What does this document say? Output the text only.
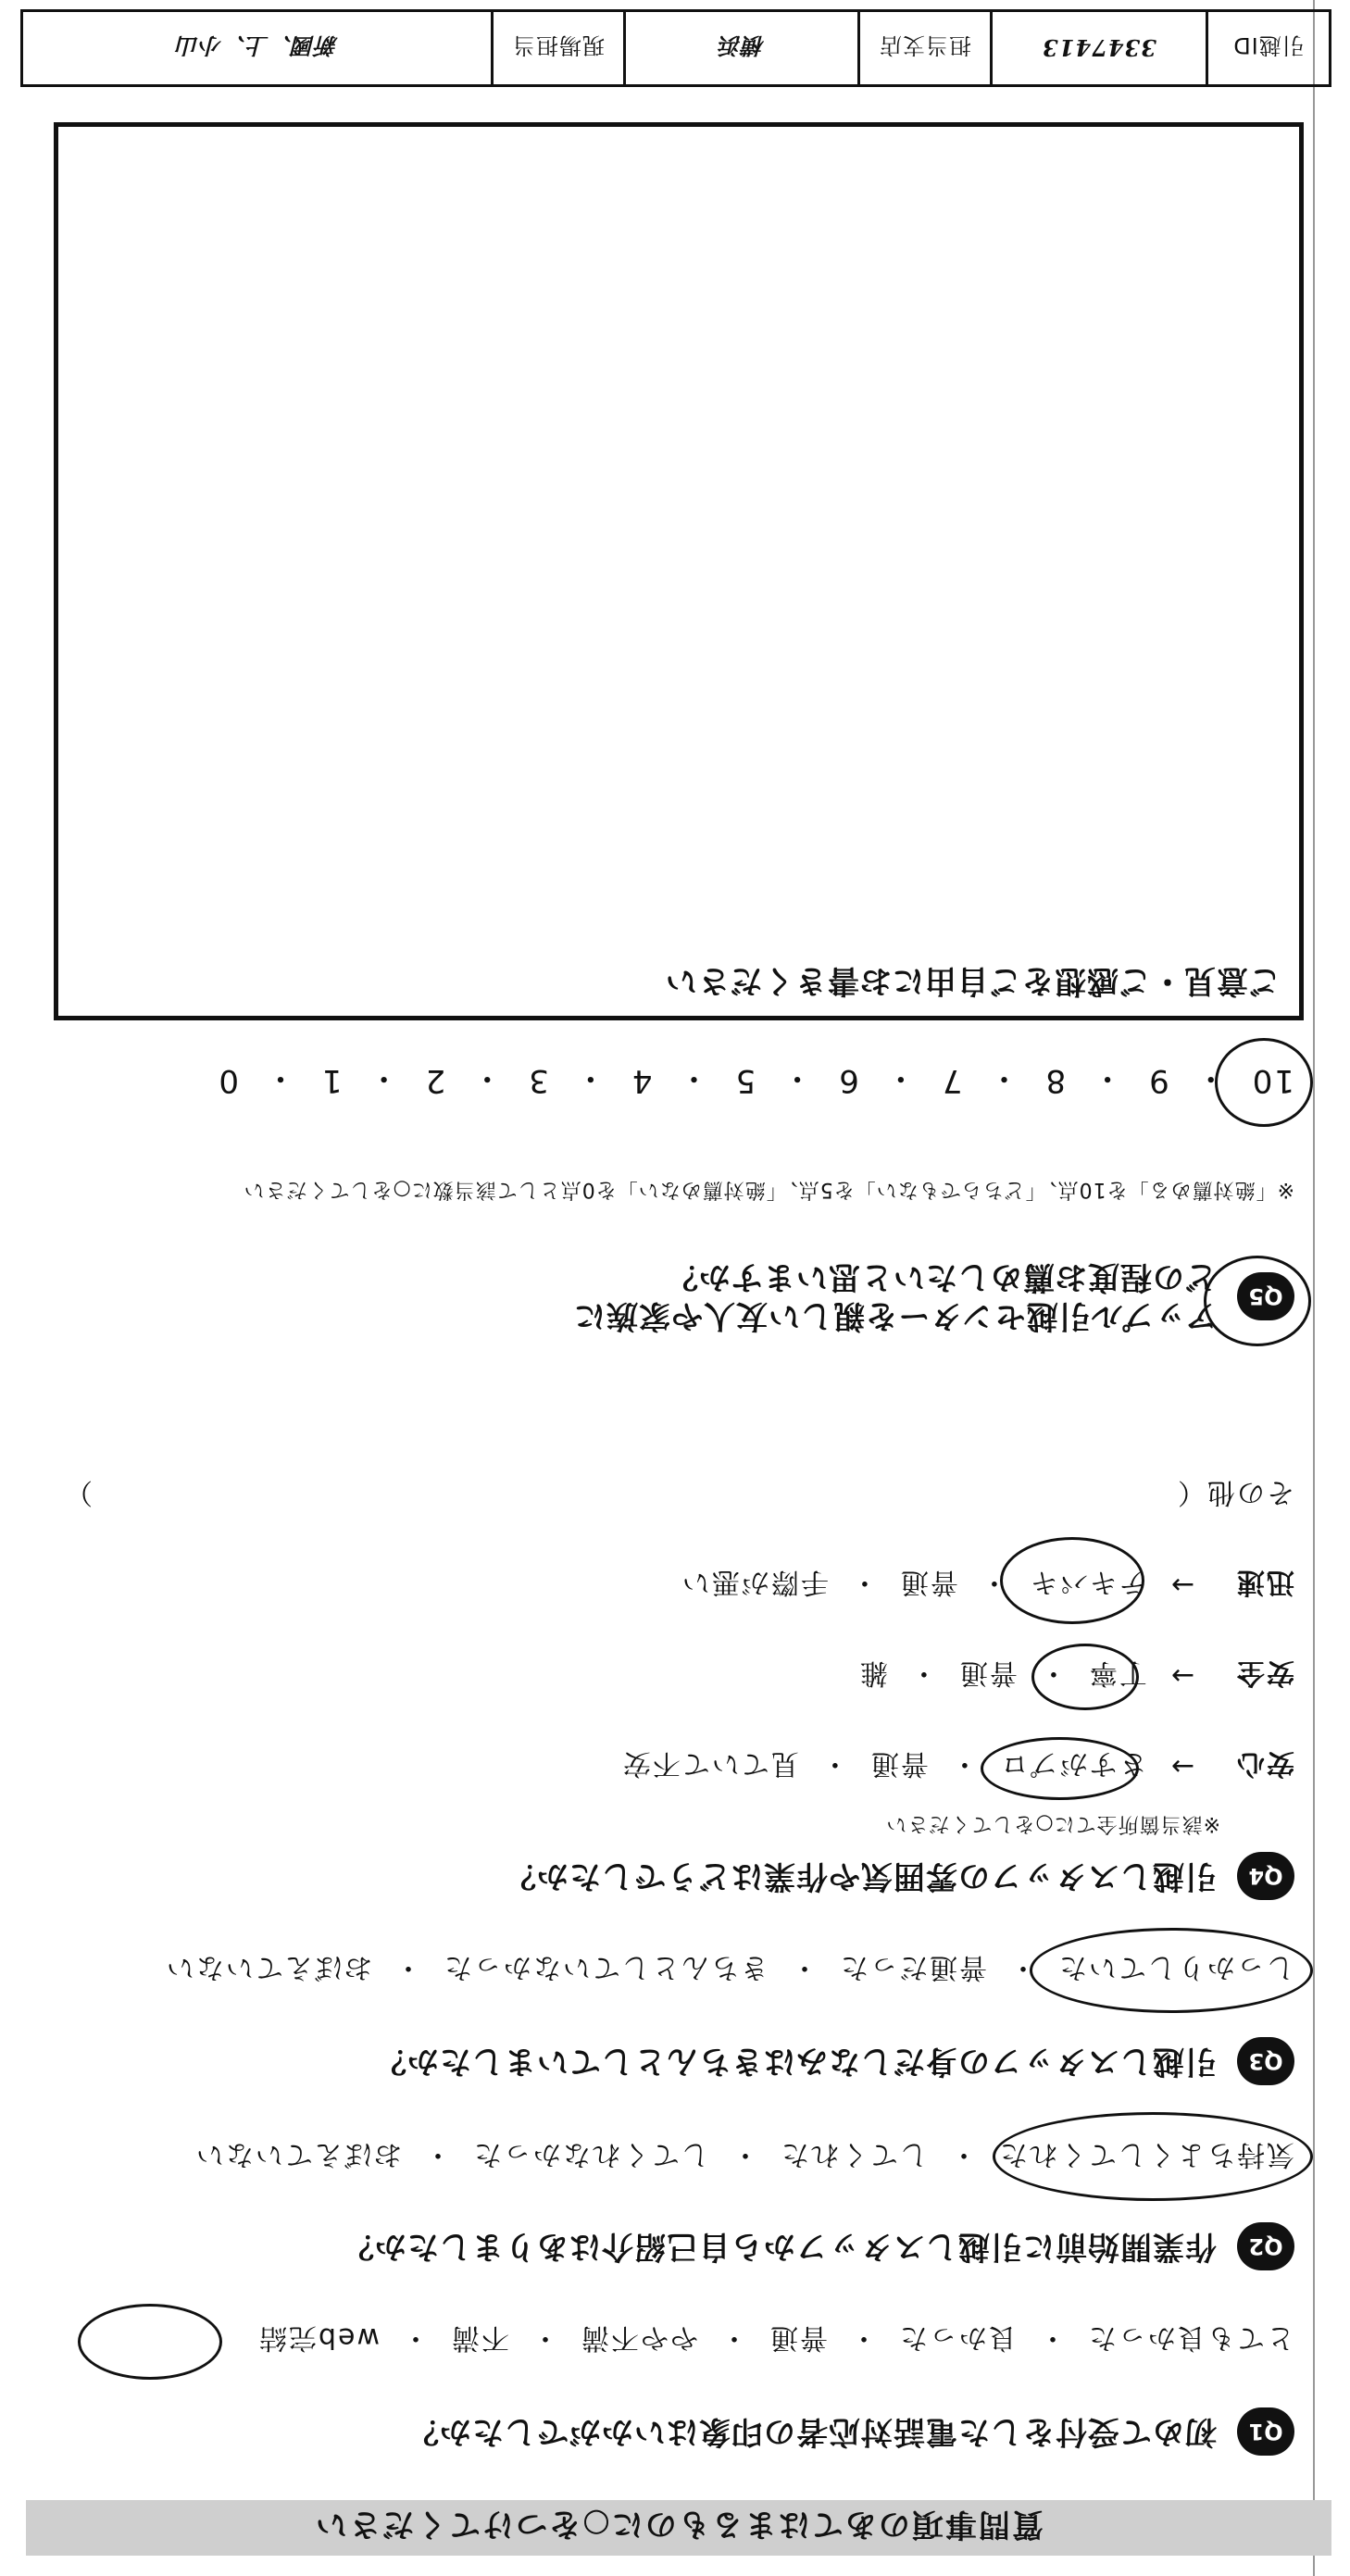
質問事項のあてはまるものに○をつけてください
Q1
初めて受付をした電話対応者の印象はいかがでしたか？
とても良かった
・
良かった
・
普通
・
やや不満
・
不満
・
web完結
Q2
作業開始前に引越しスタッフから自己紹介はありましたか？
気持ちよくしてくれた
・
してくれた
・
してくれなかった
・
おぼえていない
Q3
引越しスタッフの身だしなみはきちんとしていましたか？
しっかりしていた
・
普通だった
・
きちんとしていなかった
・
おぼえていない
Q4
引越しスタッフの雰囲気や作業はどうでしたか？
※該当箇所全てに○をしてください
安心
→
さすがプロ
・
普通
・
見ていて不安
安全
→
丁寧
・
普通
・
雑
迅速
→
テキパキ
・
普通
・
手際が悪い
その他（
）
Q5
アップル引越センターを親しい友人や家族に
どの程度お薦めしたいと思いますか？
※「絶対薦める」を10点、「どちらでもない」を5点、「絶対薦めない」を0点として該当数に○をしてください
10
・
9
・
8
・
7
・
6
・
5
・
4
・
3
・
2
・
1
・
0
ご意見・ご感想をご自由にお書きください
引越ID
3347413
担当支店
横浜
現場担当
新國、上、小山
